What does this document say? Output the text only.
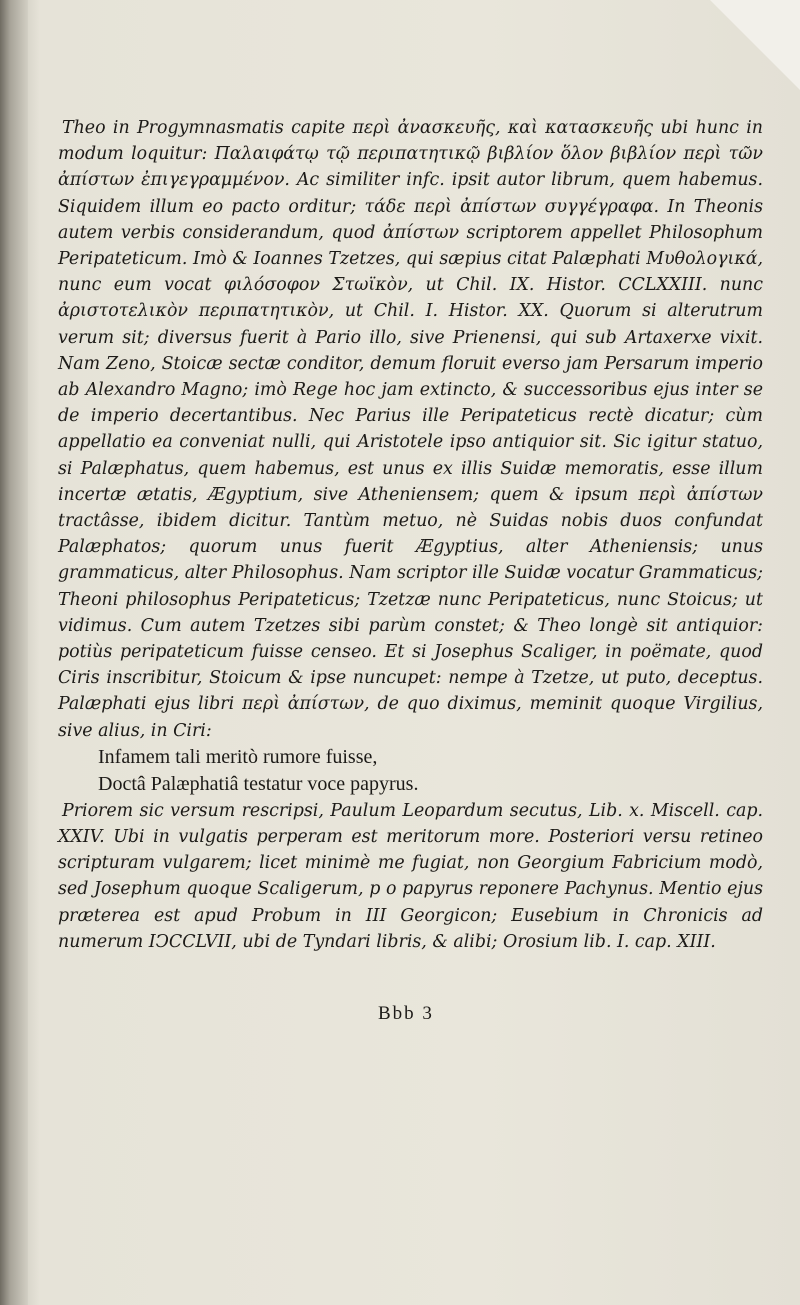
Theo in Progymnasmatis capite περὶ ἀνασκευῆς, καὶ κατασκευῆς ubi hunc in modum loquitur: Παλαιφάτῳ τῷ περιπατητικῷ βιβλίον ὅλον βιβλίον περὶ τῶν ἀπίστων ἐπιγεγραμμένον. Ac similiter infc. ipsit autor librum, quem habemus. Siquidem illum eo pacto orditur; τάδε περὶ ἀπίστων συγγέγραφα. In Theonis autem verbis considerandum, quod ἀπίστων scriptorem appellet Philosophum Peripateticum. Imò & Ioannes Tzetzes, qui sæpius citat Palæphati Μυθολογικά, nunc eum vocat φιλόσοφον Στωϊκὸν, ut Chil. IX. Histor. CCLXXIII. nunc ἀριστοτελικὸν περιπατητικὸν, ut Chil. I. Histor. XX. Quorum si alterutrum verum sit; diversus fuerit à Pario illo, sive Prienensi, qui sub Artaxerxe vixit. Nam Zeno, Stoicæ sectæ conditor, demum floruit everso jam Persarum imperio ab Alexandro Magno; imò Rege hoc jam extincto, & successoribus ejus inter se de imperio decertantibus. Nec Parius ille Peripateticus rectè dicatur; cùm appellatio ea conveniat nulli, qui Aristotele ipso antiquior sit. Sic igitur statuo, si Palæphatus, quem habemus, est unus ex illis Suidæ memoratis, esse illum incertæ ætatis, Ægyptium, sive Atheniensem; quem & ipsum περὶ ἀπίστων tractâsse, ibidem dicitur. Tantùm metuo, nè Suidas nobis duos confundat Palæphatos; quorum unus fuerit Ægyptius, alter Atheniensis; unus grammaticus, alter Philosophus. Nam scriptor ille Suidæ vocatur Grammaticus; Theoni philosophus Peripateticus; Tzetzæ nunc Peripateticus, nunc Stoicus; ut vidimus. Cum autem Tzetzes sibi parùm constet; & Theo longè sit antiquior: potiùs peripateticum fuisse censeo. Et si Josephus Scaliger, in poëmate, quod Ciris inscribitur, Stoicum & ipse nuncupet: nempe à Tzetze, ut puto, deceptus. Palæphati ejus libri περὶ ἀπίστων, de quo diximus, meminit quoque Virgilius, sive alius, in Ciri:

Infamem tali meritò rumore fuisse,
Doctâ Palæphatiâ testatur voce papyrus.

Priorem sic versum rescripsi, Paulum Leopardum secutus, Lib. x. Miscell. cap. XXIV. Ubi in vulgatis perperam est meritorum more. Posteriori versu retineo scripturam vulgarem; licet minimè me fugiat, non Georgium Fabricium modò, sed Josephum quoque Scaligerum, p o papyrus reponere Pachynus. Mentio ejus præterea est apud Probum in III Georgicon; Eusebium in Chronicis ad numerum IↃCCLVII, ubi de Tyndari libris, & alibi; Orosium lib. I. cap. XIII.

Bbb 3
